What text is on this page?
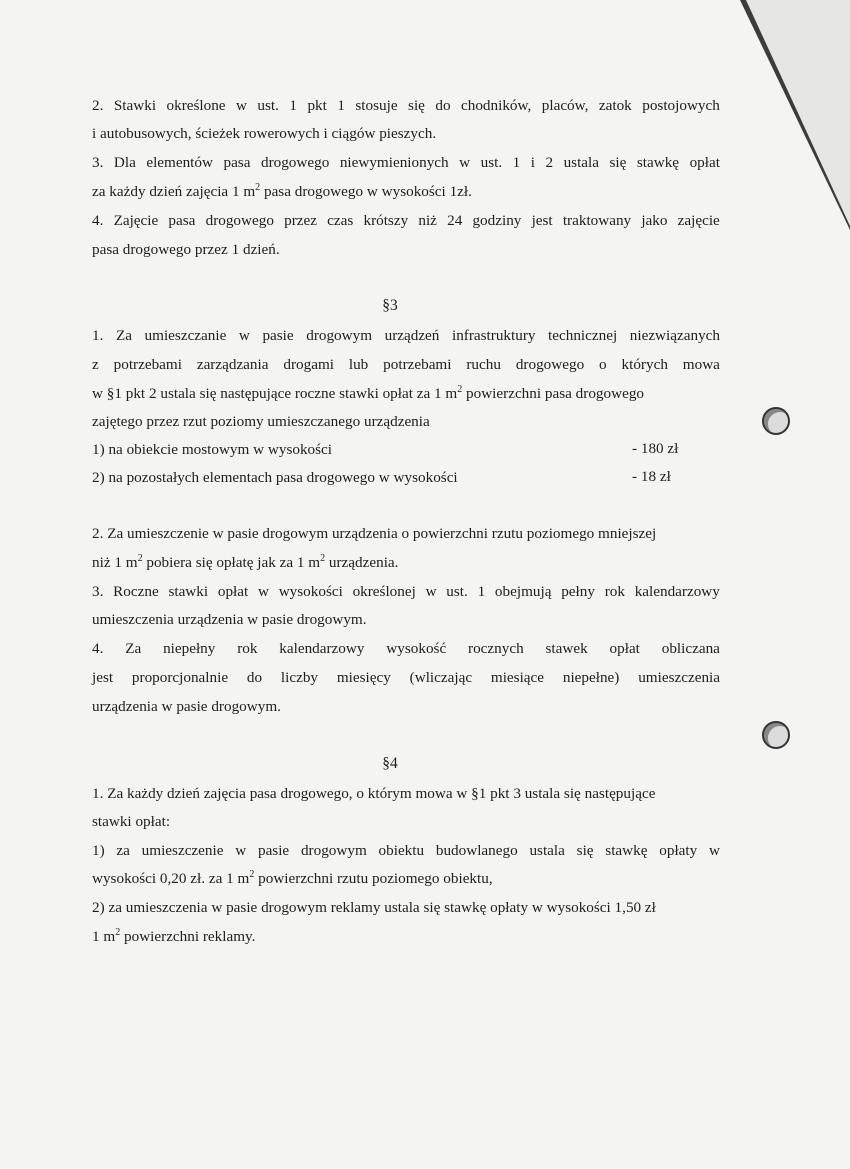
2. Stawki określone w ust. 1 pkt 1 stosuje się do chodników, placów, zatok postojowych
i autobusowych, ścieżek rowerowych i ciągów pieszych.
3. Dla elementów pasa drogowego niewymienionych w ust. 1 i 2 ustala się stawkę opłat
za każdy dzień zajęcia 1 $m^2$ pasa drogowego w wysokości 1zł.
4. Zajęcie pasa drogowego przez czas krótszy niż 24 godziny jest traktowany jako zajęcie
pasa drogowego przez 1 dzień.
§3
1. Za umieszczanie w pasie drogowym urządzeń infrastruktury technicznej niezwiązanych
z potrzebami zarządzania drogami lub potrzebami ruchu drogowego o których mowa
w §1 pkt 2 ustala się następujące roczne stawki opłat za 1 $m^2$ powierzchni pasa drogowego
zajętego przez rzut poziomy umieszczanego urządzenia
1) na obiekcie mostowym w wysokości	- 180 zł
2) na pozostałych elementach pasa drogowego w wysokości	- 18 zł
2. Za umieszczenie w pasie drogowym urządzenia o powierzchni rzutu poziomego mniejszej
niż 1 $m^2$ pobiera się opłatę jak za 1 $m^2$ urządzenia.
3. Roczne stawki opłat w wysokości określonej w ust. 1 obejmują pełny rok kalendarzowy
umieszczenia urządzenia w pasie drogowym.
4. Za niepełny rok kalendarzowy wysokość rocznych stawek opłat obliczana
jest proporcjonalnie do liczby miesięcy (wliczając miesiące niepełne) umieszczenia
urządzenia w pasie drogowym.
§4
1. Za każdy dzień zajęcia pasa drogowego, o którym mowa w §1 pkt 3 ustala się następujące
stawki opłat:
1) za umieszczenie w pasie drogowym obiektu budowlanego ustala się stawkę opłaty w
wysokości 0,20 zł. za 1 $m^2$ powierzchni rzutu poziomego obiektu,
2) za umieszczenia w pasie drogowym reklamy ustala się stawkę opłaty w wysokości 1,50 zł
1 $m^2$ powierzchni reklamy.
